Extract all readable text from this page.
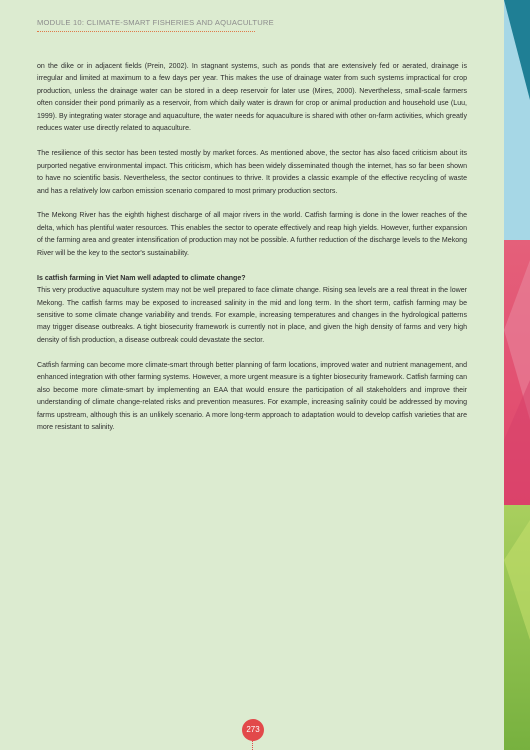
MODULE 10: CLIMATE-SMART FISHERIES AND AQUACULTURE

on the dike or in adjacent fields (Prein, 2002). In stagnant systems, such as ponds that are extensively fed or aerated, drainage is irregular and limited at maximum to a few days per year. This makes the use of drainage water from such systems impractical for crop production, unless the drainage water can be stored in a deep reservoir for later use (Mires, 2000). Nevertheless, small-scale farmers often consider their pond primarily as a reservoir, from which daily water is drawn for crop or animal production and household use (Luu, 1999). By integrating water storage and aquaculture, the water needs for aquaculture is shared with other on-farm activities, which greatly reduces water use directly related to aquaculture.

The resilience of this sector has been tested mostly by market forces. As mentioned above, the sector has also faced criticism about its purported negative environmental impact. This criticism, which has been widely disseminated though the internet, has so far been shown to have no scientific basis. Nevertheless, the sector continues to thrive. It provides a classic example of the effective recycling of waste and has a relatively low carbon emission scenario compared to most primary production sectors.

The Mekong River has the eighth highest discharge of all major rivers in the world. Catfish farming is done in the lower reaches of the delta, which has plentiful water resources. This enables the sector to operate effectively and reap high yields. However, further expansion of the farming area and greater intensification of production may not be possible. A further reduction of the discharge levels to the Mekong River will be the key to the sector's sustainability.

Is catfish farming in Viet Nam well adapted to climate change?

This very productive aquaculture system may not be well prepared to face climate change. Rising sea levels are a real threat in the lower Mekong. The catfish farms may be exposed to increased salinity in the mid and long term. In the short term, catfish farming may be sensitive to some climate change variability and trends. For example, increasing temperatures and changes in the hydrological patterns may trigger disease outbreaks. A tight biosecurity framework is currently not in place, and given the high density of farms and very high density of fish production, a disease outbreak could devastate the sector.

Catfish farming can become more climate-smart through better planning of farm locations, improved water and nutrient management, and enhanced integration with other farming systems. However, a more urgent measure is a tighter biosecurity framework. Catfish farming can also become more climate-smart by implementing an EAA that would ensure the participation of all stakeholders and improve their understanding of climate change-related risks and prevention measures. For example, increasing salinity could be addressed by moving farms upstream, although this is an unlikely scenario. A more long-term approach to adaptation would to develop catfish varieties that are more resistant to salinity.

273
